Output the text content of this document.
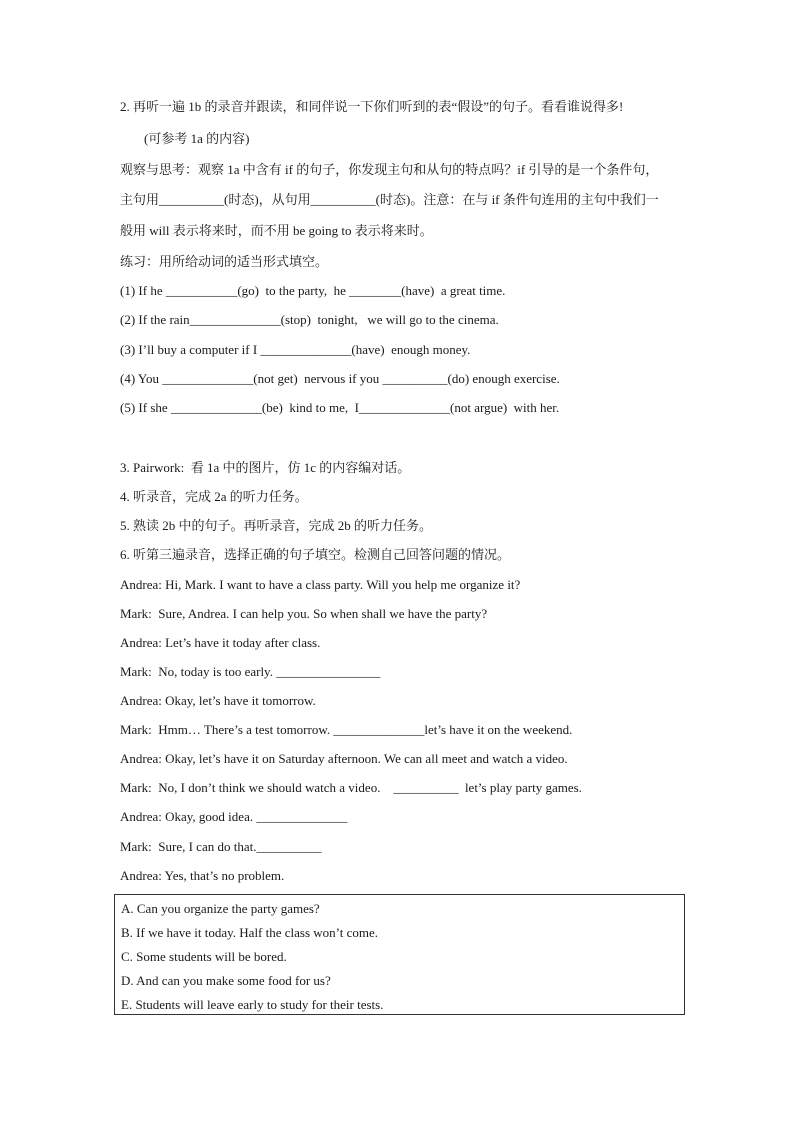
2. 再听一遍 1b 的录音并跟读，和同伴说一下你们听到的表“假设”的句子。看看谁说得多!
(可参考 1a 的内容)
观察与思考：观察 1a 中含有 if 的句子，你发现主句和从句的特点吗？if 引导的是一个条件句，
主句用__________(时态)，从句用__________(时态)。注意：在与 if 条件句连用的主句中我们一
般用 will 表示将来时，而不用 be going to 表示将来时。
练习：用所给动词的适当形式填空。
(1) If he ___________(go)  to the party,  he ________(have)  a great time.
(2) If the rain______________(stop)  tonight,   we will go to the cinema.
(3) I’ll buy a computer if I ______________(have)  enough money.
(4) You ______________(not get)  nervous if you __________(do) enough exercise.
(5) If she ______________(be)  kind to me,  I______________(not argue)  with her.
3. Pairwork:  看 1a 中的图片，仿 1c 的内容编对话。
4. 听录音，完成 2a 的听力任务。
5. 熟读 2b 中的句子。再听录音，完成 2b 的听力任务。
6. 听第三遍录音，选择正确的句子填空。检测自己回答问题的情况。
Andrea: Hi, Mark. I want to have a class party. Will you help me organize it?
Mark:  Sure, Andrea. I can help you. So when shall we have the party?
Andrea: Let’s have it today after class.
Mark:  No, today is too early. ________________
Andrea: Okay, let’s have it tomorrow.
Mark:  Hmm… There’s a test tomorrow. ______________let’s have it on the weekend.
Andrea: Okay, let’s have it on Saturday afternoon. We can all meet and watch a video.
Mark:  No, I don’t think we should watch a video.    __________  let’s play party games.
Andrea: Okay, good idea. ______________
Mark:  Sure, I can do that.__________
Andrea: Yes, that’s no problem.
A. Can you organize the party games?
B. If we have it today. Half the class won’t come.
C. Some students will be bored.
D. And can you make some food for us?
E. Students will leave early to study for their tests.
